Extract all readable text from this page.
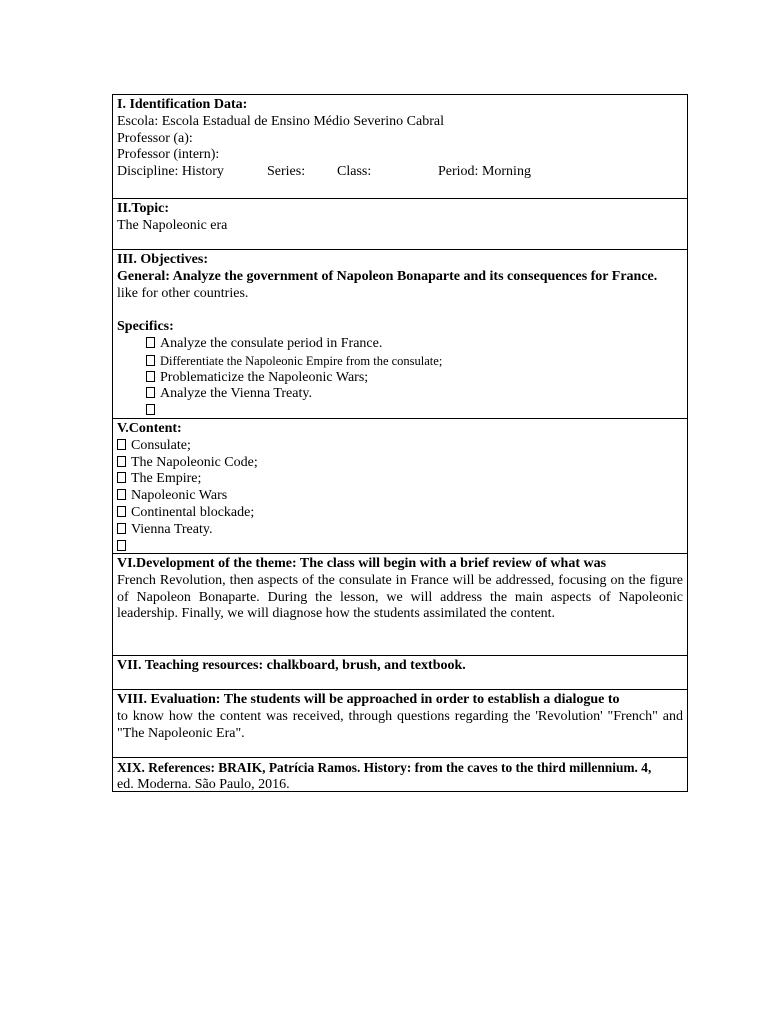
I. Identification Data:
Escola: Escola Estadual de Ensino Médio Severino Cabral
Professor (a):
Professor (intern):
Discipline: History	Series: Class:	Period: Morning
II.Topic:
The Napoleonic era
III. Objectives:
General: Analyze the government of Napoleon Bonaparte and its consequences for France.
like for other countries.

Specifics:
Analyze the consulate period in France.
Differentiate the Napoleonic Empire from the consulate;
Problematicize the Napoleonic Wars;
Analyze the Vienna Treaty.
V.Content:
Consulate;
The Napoleonic Code;
The Empire;
Napoleonic Wars
Continental blockade;
Vienna Treaty.
VI.Development of the theme: The class will begin with a brief review of what was
French Revolution, then aspects of the consulate in France will be addressed, focusing on the figure of Napoleon Bonaparte. During the lesson, we will address the main aspects of Napoleonic leadership. Finally, we will diagnose how the students assimilated the content.
VII. Teaching resources: chalkboard, brush, and textbook.
VIII. Evaluation: The students will be approached in order to establish a dialogue to
to know how the content was received, through questions regarding the 'Revolution' "French" and "The Napoleonic Era".
XIX. References: BRAIK, Patrícia Ramos. History: from the caves to the third millennium. 4,
ed. Moderna. São Paulo, 2016.
